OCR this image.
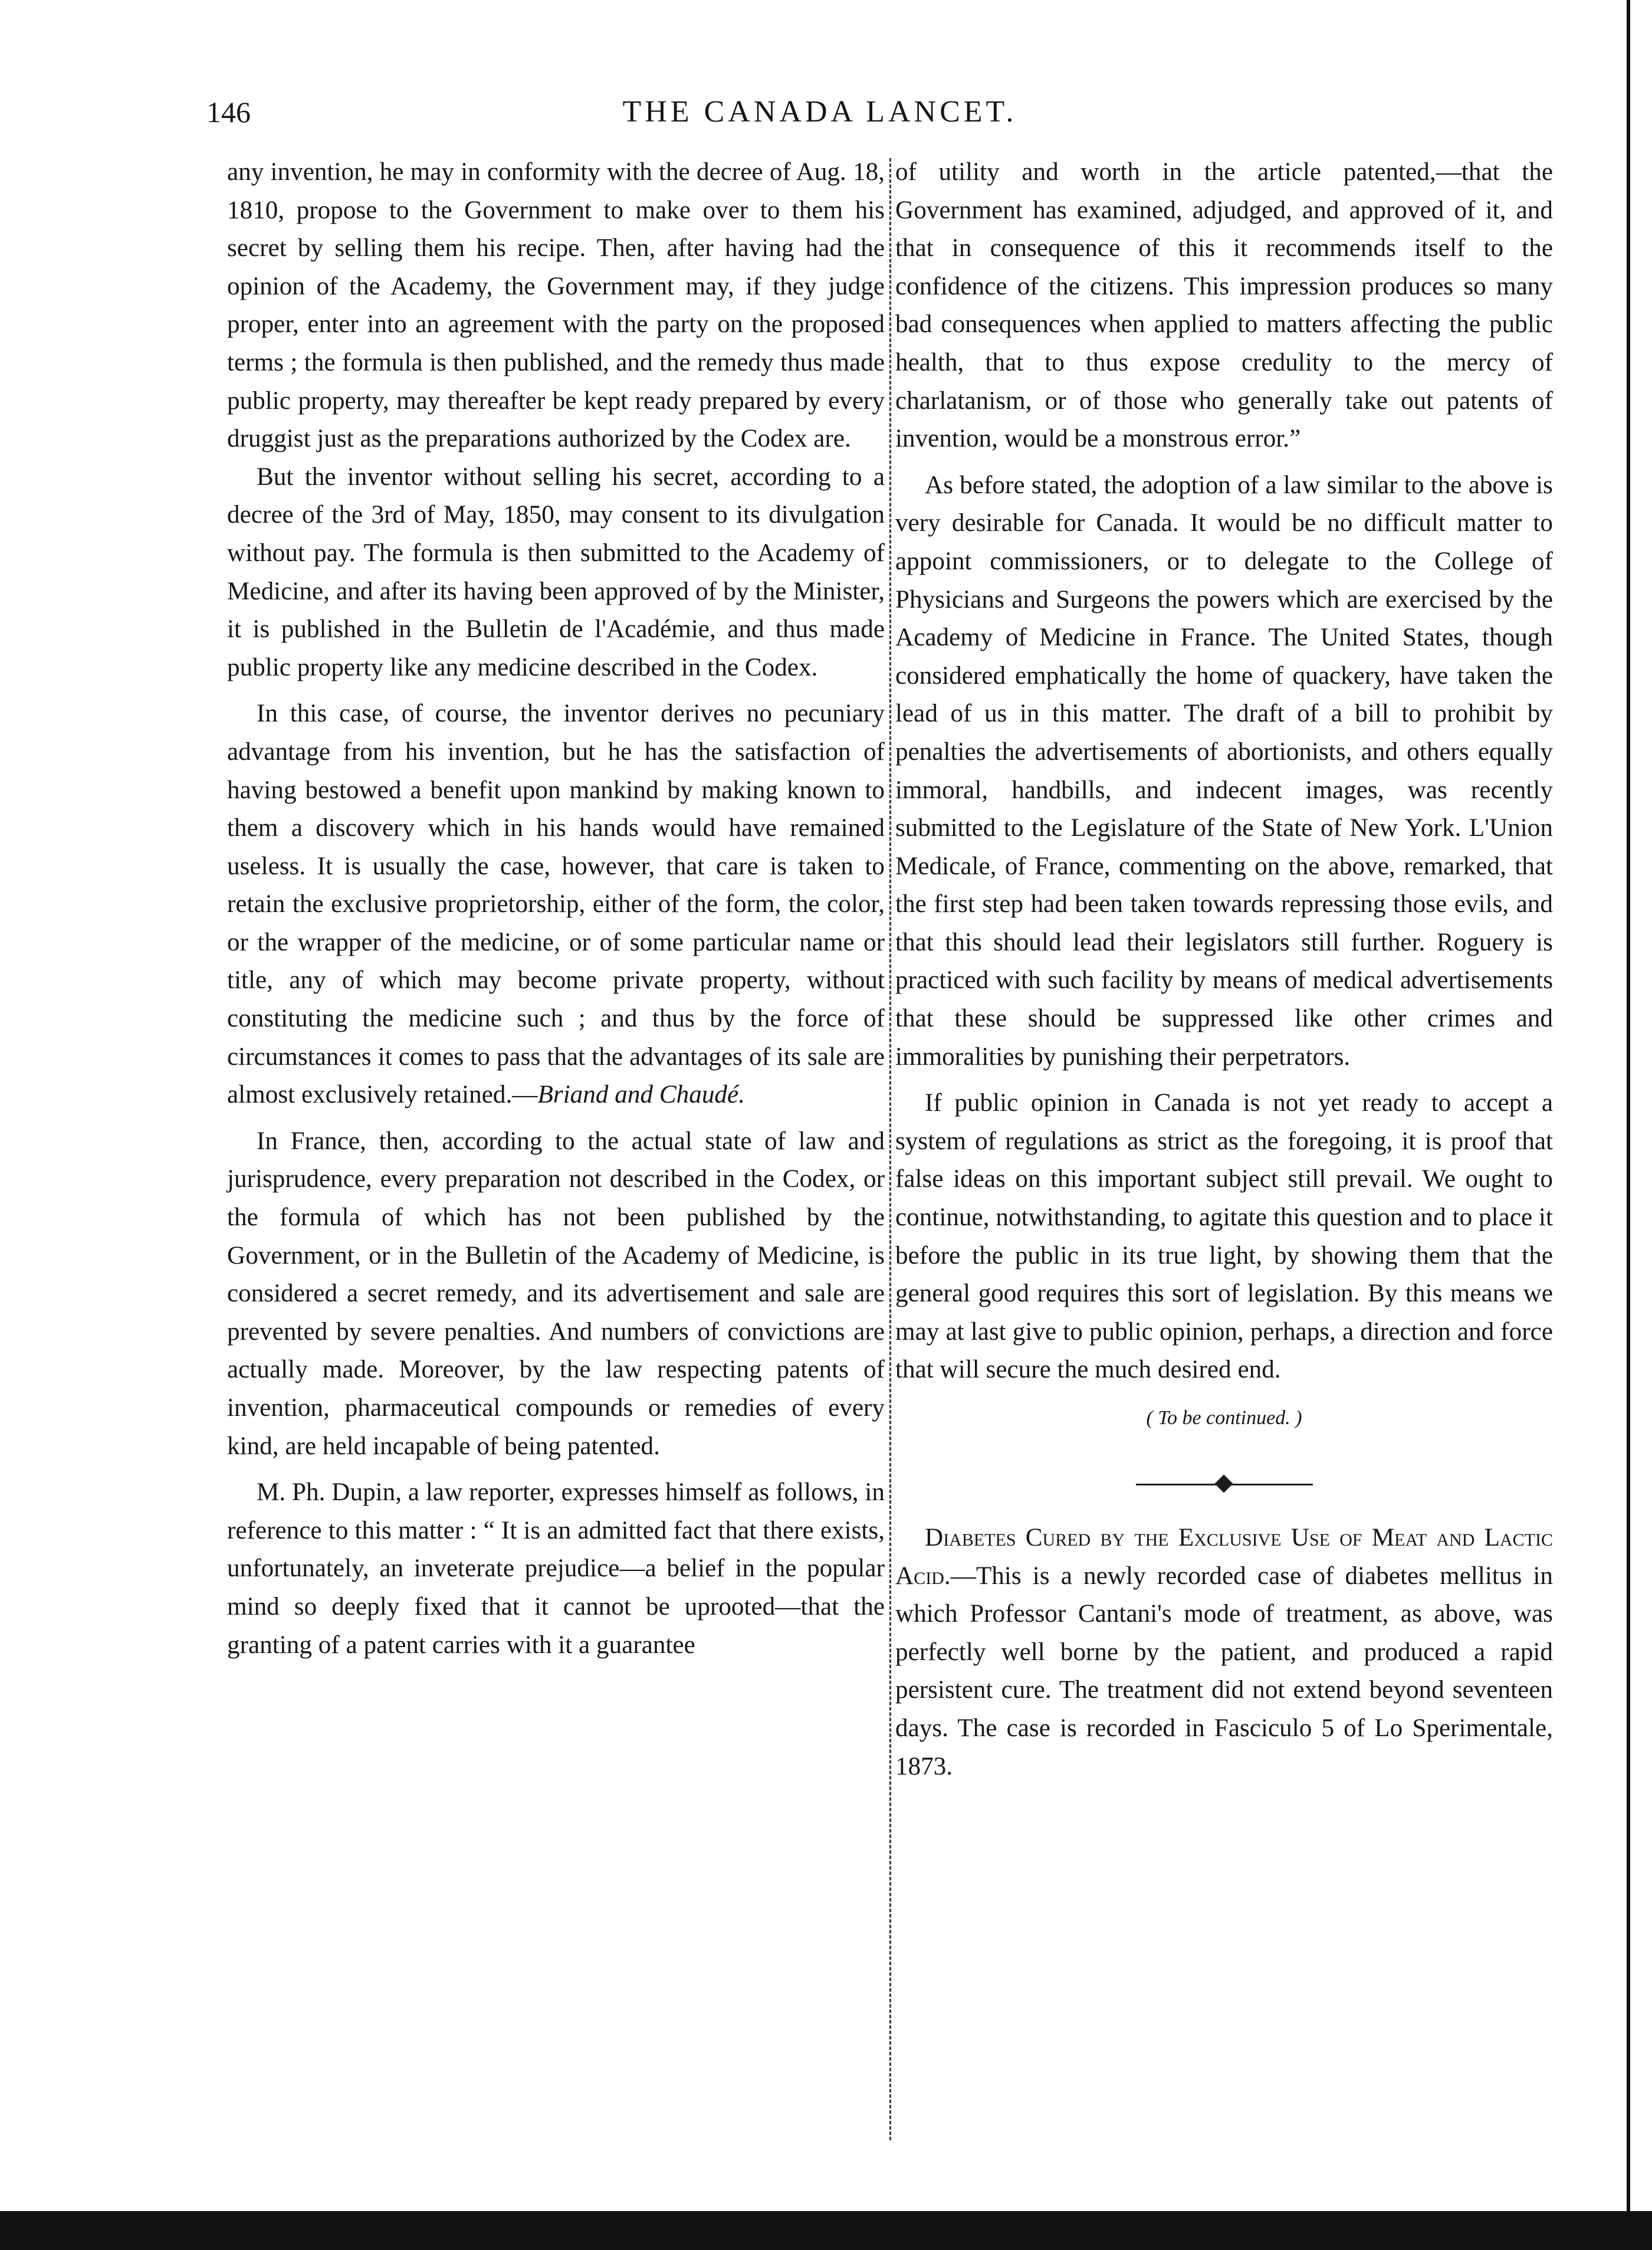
146	THE CANADA LANCET.

any invention, he may in conformity with the decree of Aug. 18, 1810, propose to the Government to make over to them his secret by selling them his recipe. Then, after having had the opinion of the Academy, the Government may, if they judge proper, enter into an agreement with the party on the proposed terms ; the formula is then published, and the remedy thus made public property, may thereafter be kept ready prepared by every druggist just as the preparations authorized by the Codex are.

But the inventor without selling his secret, according to a decree of the 3rd of May, 1850, may consent to its divulgation without pay. The formula is then submitted to the Academy of Medicine, and after its having been approved of by the Minister, it is published in the Bulletin de l'Académie, and thus made public property like any medicine described in the Codex.

In this case, of course, the inventor derives no pecuniary advantage from his invention, but he has the satisfaction of having bestowed a benefit upon mankind by making known to them a discovery which in his hands would have remained useless. It is usually the case, however, that care is taken to retain the exclusive proprietorship, either of the form, the color, or the wrapper of the medicine, or of some particular name or title, any of which may become private property, without constituting the medicine such ; and thus by the force of circumstances it comes to pass that the advantages of its sale are almost exclusively retained.—Briand and Chaudé.

In France, then, according to the actual state of law and jurisprudence, every preparation not described in the Codex, or the formula of which has not been published by the Government, or in the Bulletin of the Academy of Medicine, is considered a secret remedy, and its advertisement and sale are prevented by severe penalties. And numbers of convictions are actually made. Moreover, by the law respecting patents of invention, pharmaceutical compounds or remedies of every kind, are held incapable of being patented.

M. Ph. Dupin, a law reporter, expresses himself as follows, in reference to this matter : “ It is an admitted fact that there exists, unfortunately, an inveterate prejudice—a belief in the popular mind so deeply fixed that it cannot be uprooted—that the granting of a patent carries with it a guarantee

of utility and worth in the article patented,—that the Government has examined, adjudged, and approved of it, and that in consequence of this it recommends itself to the confidence of the citizens. This impression produces so many bad consequences when applied to matters affecting the public health, that to thus expose credulity to the mercy of charlatanism, or of those who generally take out patents of invention, would be a monstrous error.”

As before stated, the adoption of a law similar to the above is very desirable for Canada. It would be no difficult matter to appoint commissioners, or to delegate to the College of Physicians and Surgeons the powers which are exercised by the Academy of Medicine in France. The United States, though considered emphatically the home of quackery, have taken the lead of us in this matter. The draft of a bill to prohibit by penalties the advertisements of abortionists, and others equally immoral, handbills, and indecent images, was recently submitted to the Legislature of the State of New York. L'Union Medicale, of France, commenting on the above, remarked, that the first step had been taken towards repressing those evils, and that this should lead their legislators still further. Roguery is practiced with such facility by means of medical advertisements that these should be suppressed like other crimes and immoralities by punishing their perpetrators.

If public opinion in Canada is not yet ready to accept a system of regulations as strict as the foregoing, it is proof that false ideas on this important subject still prevail. We ought to continue, notwithstanding, to agitate this question and to place it before the public in its true light, by showing them that the general good requires this sort of legislation. By this means we may at last give to public opinion, perhaps, a direction and force that will secure the much desired end.

( To be continued. )

Diabetes Cured by the Exclusive Use of Meat and Lactic Acid.—This is a newly recorded case of diabetes mellitus in which Professor Cantani's mode of treatment, as above, was perfectly well borne by the patient, and produced a rapid persistent cure. The treatment did not extend beyond seventeen days. The case is recorded in Fasciculo 5 of Lo Sperimentale, 1873.
